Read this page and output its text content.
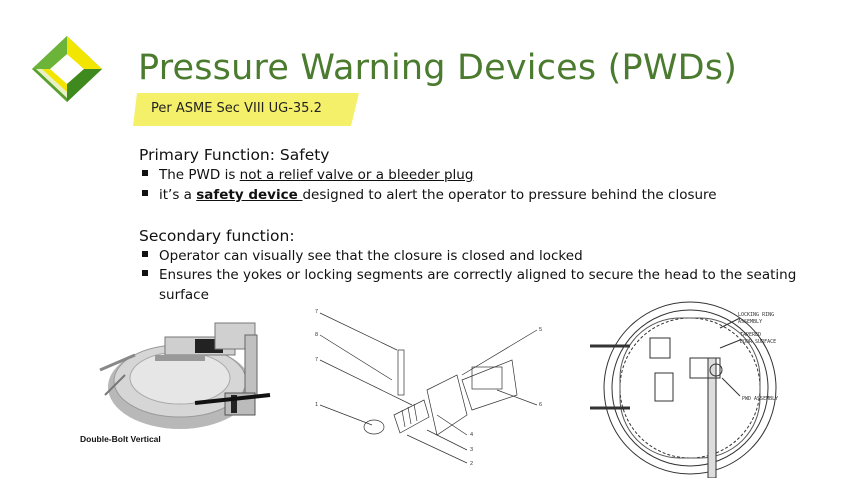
Pressure Warning Devices (PWDs)
Per ASME Sec VIII UG-35.2
Primary Function: Safety
The PWD is not a relief valve or a bleeder plug
it’s a safety device designed to alert the operator to pressure behind the closure
Secondary function:
Operator can visually see that the closure is closed and locked
Ensures the yokes or locking segments are correctly aligned to secure the head to the seating
surface
Double-Bolt Vertical
7
8
7
1
5
6
4
3
2
LOCKING RING
ASSEMBLY
TAPERED
DOOR SURFACE
PWD ASSEMBLY
